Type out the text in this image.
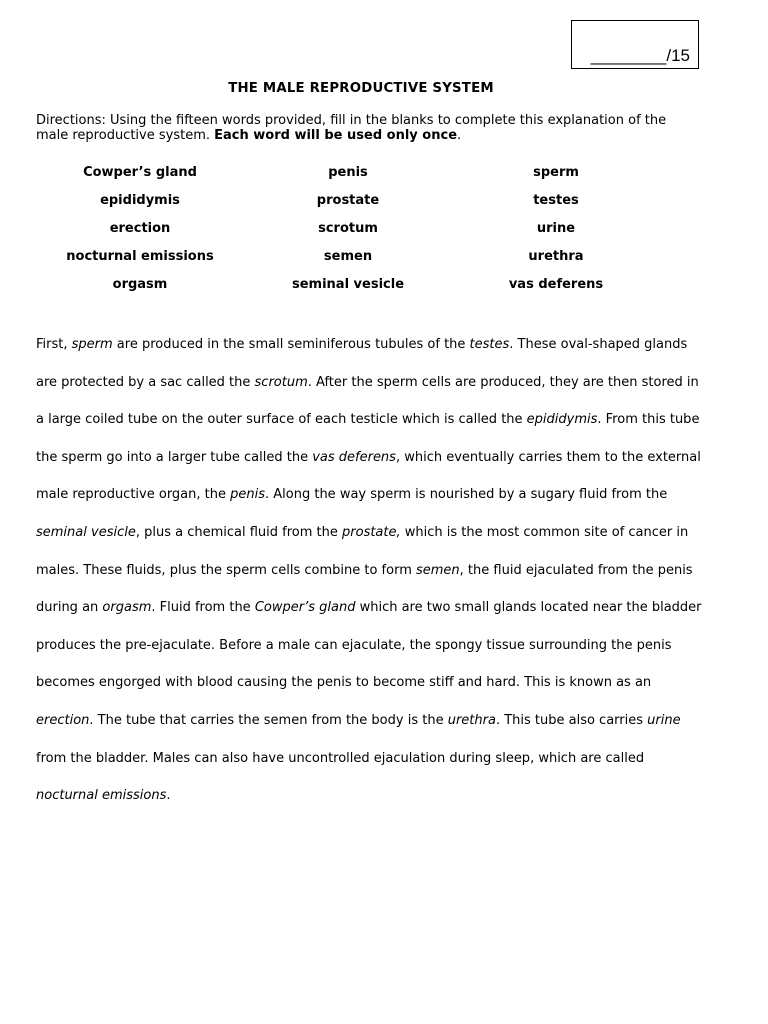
________/15
THE MALE REPRODUCTIVE SYSTEM
Directions: Using the fifteen words provided, fill in the blanks to complete this explanation of the male reproductive system. Each word will be used only once.
Cowper’s gland	penis	sperm
epididymis	prostate	testes
erection	scrotum	urine
nocturnal emissions	semen	urethra
orgasm	seminal vesicle	vas deferens
First, sperm are produced in the small seminiferous tubules of the testes. These oval-shaped glands
are protected by a sac called the scrotum. After the sperm cells are produced, they are then stored in
a large coiled tube on the outer surface of each testicle which is called the epididymis. From this tube
the sperm go into a larger tube called the vas deferens, which eventually carries them to the external
male reproductive organ, the penis. Along the way sperm is nourished by a sugary fluid from the
seminal vesicle, plus a chemical fluid from the prostate, which is the most common site of cancer in
males. These fluids, plus the sperm cells combine to form semen, the fluid ejaculated from the penis
during an orgasm. Fluid from the Cowper’s gland which are two small glands located near the bladder
produces the pre-ejaculate. Before a male can ejaculate, the spongy tissue surrounding the penis
becomes engorged with blood causing the penis to become stiff and hard. This is known as an
erection. The tube that carries the semen from the body is the urethra. This tube also carries urine
from the bladder. Males can also have uncontrolled ejaculation during sleep, which are called
nocturnal emissions.
